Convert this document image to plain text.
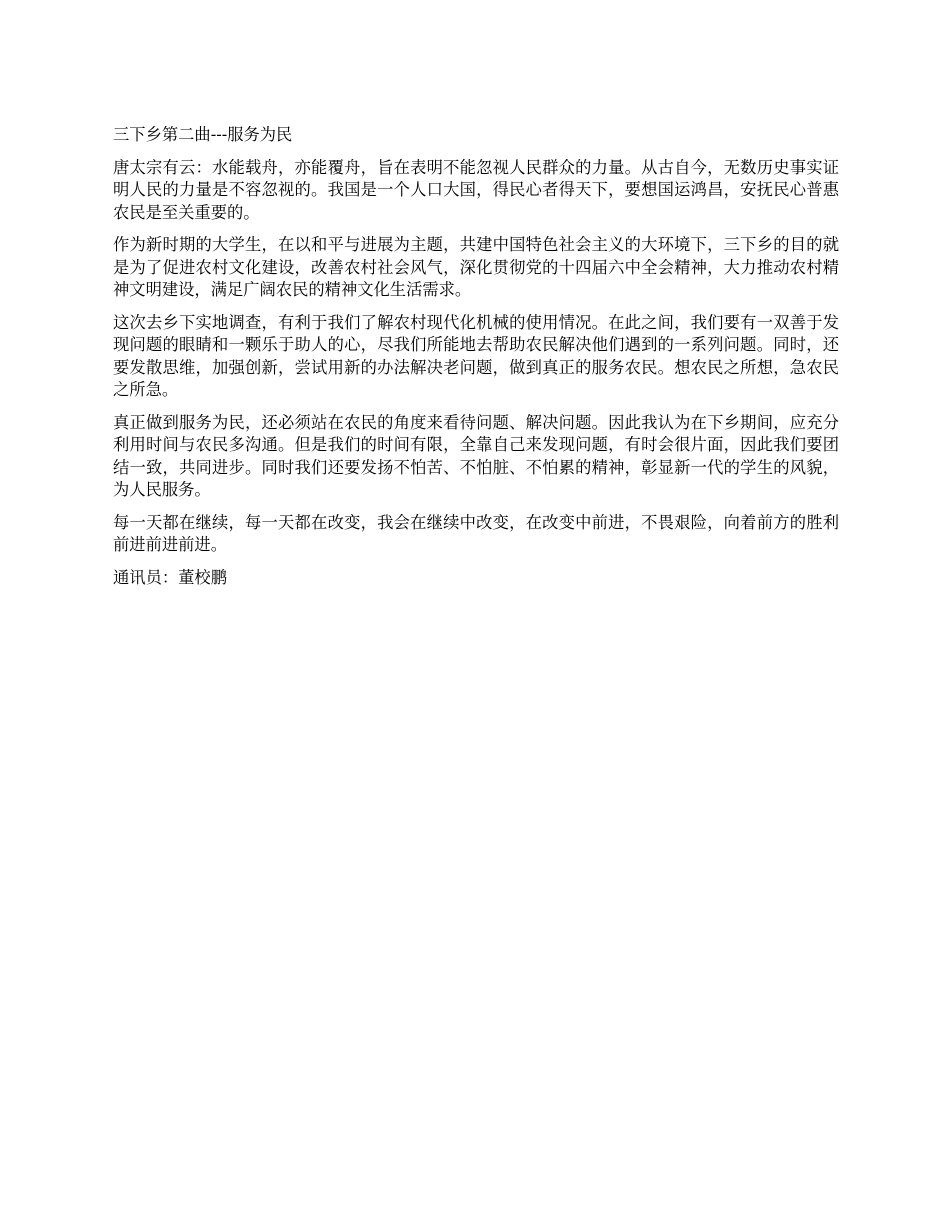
三下乡第二曲---服务为民

唐太宗有云：水能载舟，亦能覆舟，旨在表明不能忽视人民群众的力量。从古自今，无数历史事实证明人民的力量是不容忽视的。我国是一个人口大国，得民心者得天下，要想国运鸿昌，安抚民心普惠农民是至关重要的。

作为新时期的大学生，在以和平与进展为主题，共建中国特色社会主义的大环境下，三下乡的目的就是为了促进农村文化建设，改善农村社会风气，深化贯彻党的十四届六中全会精神，大力推动农村精神文明建设，满足广阔农民的精神文化生活需求。

这次去乡下实地调查，有利于我们了解农村现代化机械的使用情况。在此之间，我们要有一双善于发现问题的眼睛和一颗乐于助人的心，尽我们所能地去帮助农民解决他们遇到的一系列问题。同时，还要发散思维，加强创新，尝试用新的办法解决老问题，做到真正的服务农民。想农民之所想，急农民之所急。

真正做到服务为民，还必须站在农民的角度来看待问题、解决问题。因此我认为在下乡期间，应充分利用时间与农民多沟通。但是我们的时间有限，全靠自己来发现问题，有时会很片面，因此我们要团结一致，共同进步。同时我们还要发扬不怕苦、不怕脏、不怕累的精神，彰显新一代的学生的风貌，为人民服务。

每一天都在继续，每一天都在改变，我会在继续中改变，在改变中前进，不畏艰险，向着前方的胜利前进前进前进。

通讯员：董校鹏
